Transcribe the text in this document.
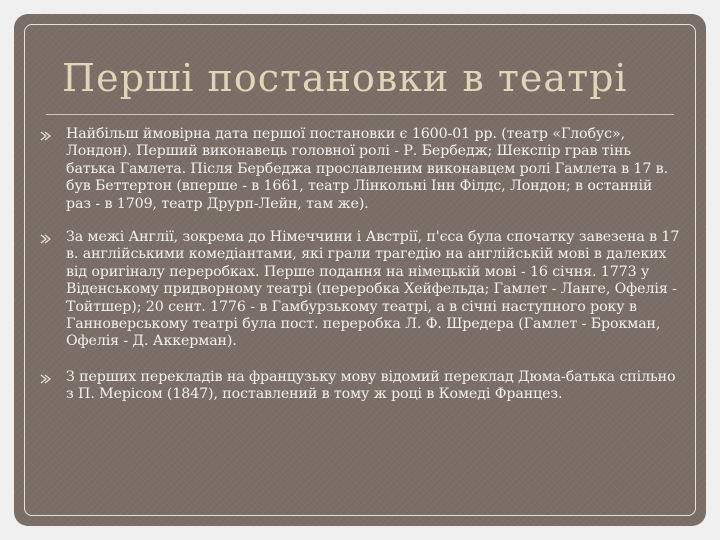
Перші постановки в театрі
Найбільш ймовірна дата першої постановки є 1600-01 рр. (театр «Глобус», Лондон). Перший виконавець головної ролі - Р. Бербедж; Шекспір грав тінь батька Гамлета. Після Бербеджа прославленим виконавцем ролі Гамлета в 17 в. був Беттертон (вперше - в 1661, театр Лінкольні Інн Філдс, Лондон; в останній раз - в 1709, театр Друрп-Лейн, там же).
За межі Англії, зокрема до Німеччини і Австрії, п'єса була спочатку завезена в 17 в. англійськими комедіантами, які грали трагедію на англійській мові в далеких від оригіналу переробках. Перше подання на німецькій мові - 16 січня. 1773 у Віденському придворному театрі (переробка Хейфельда; Гамлет - Ланге, Офелія - Тойтшер); 20 сент. 1776 - в Гамбурзькому театрі, а в січні наступного року в Ганноверському театрі була пост. переробка Л. Ф. Шредера (Гамлет - Брокман, Офелія - Д. Аккерман).
З перших перекладів на французьку мову відомий переклад Дюма-батька спільно з П. Мерісом (1847), поставлений в тому ж році в Комеді Францез.
